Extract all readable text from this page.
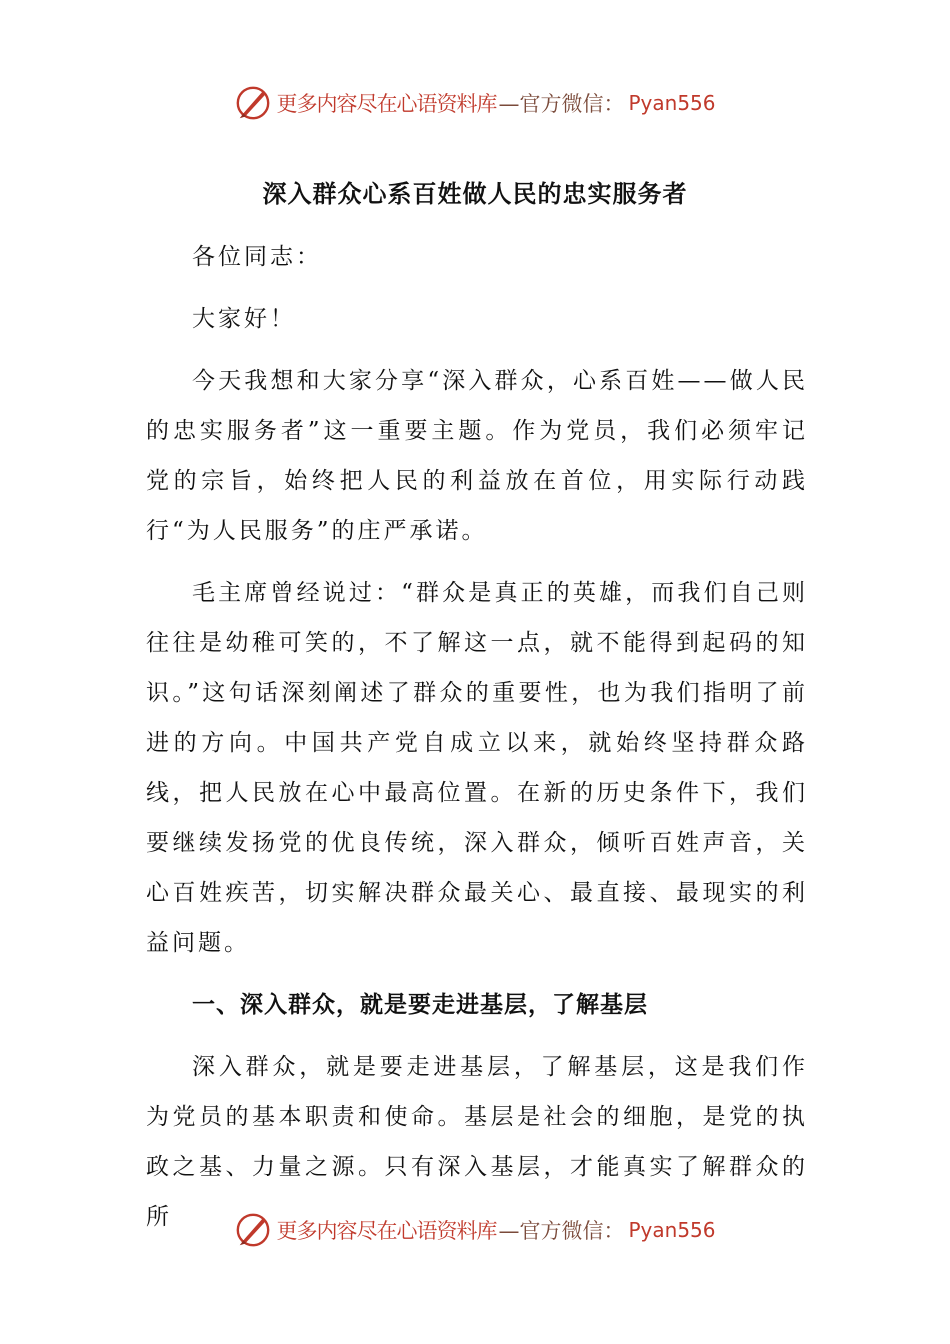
更多内容尽在心语资料库 —官方微信： Pyan556
深入群众心系百姓做人民的忠实服务者

各位同志：

大家好！

今天我想和大家分享“深入群众，心系百姓——做人民的忠实服务者”这一重要主题。作为党员，我们必须牢记党的宗旨，始终把人民的利益放在首位，用实际行动践行“为人民服务”的庄严承诺。

毛主席曾经说过：“群众是真正的英雄，而我们自己则往往是幼稚可笑的，不了解这一点，就不能得到起码的知识。”这句话深刻阐述了群众的重要性，也为我们指明了前进的方向。中国共产党自成立以来，就始终坚持群众路线，把人民放在心中最高位置。在新的历史条件下，我们要继续发扬党的优良传统，深入群众，倾听百姓声音，关心百姓疾苦，切实解决群众最关心、最直接、最现实的利益问题。

一、深入群众，就是要走进基层，了解基层

深入群众，就是要走进基层，了解基层，这是我们作为党员的基本职责和使命。基层是社会的细胞，是党的执政之基、力量之源。只有深入基层，才能真实了解群众的所

更多内容尽在心语资料库 —官方微信： Pyan556
